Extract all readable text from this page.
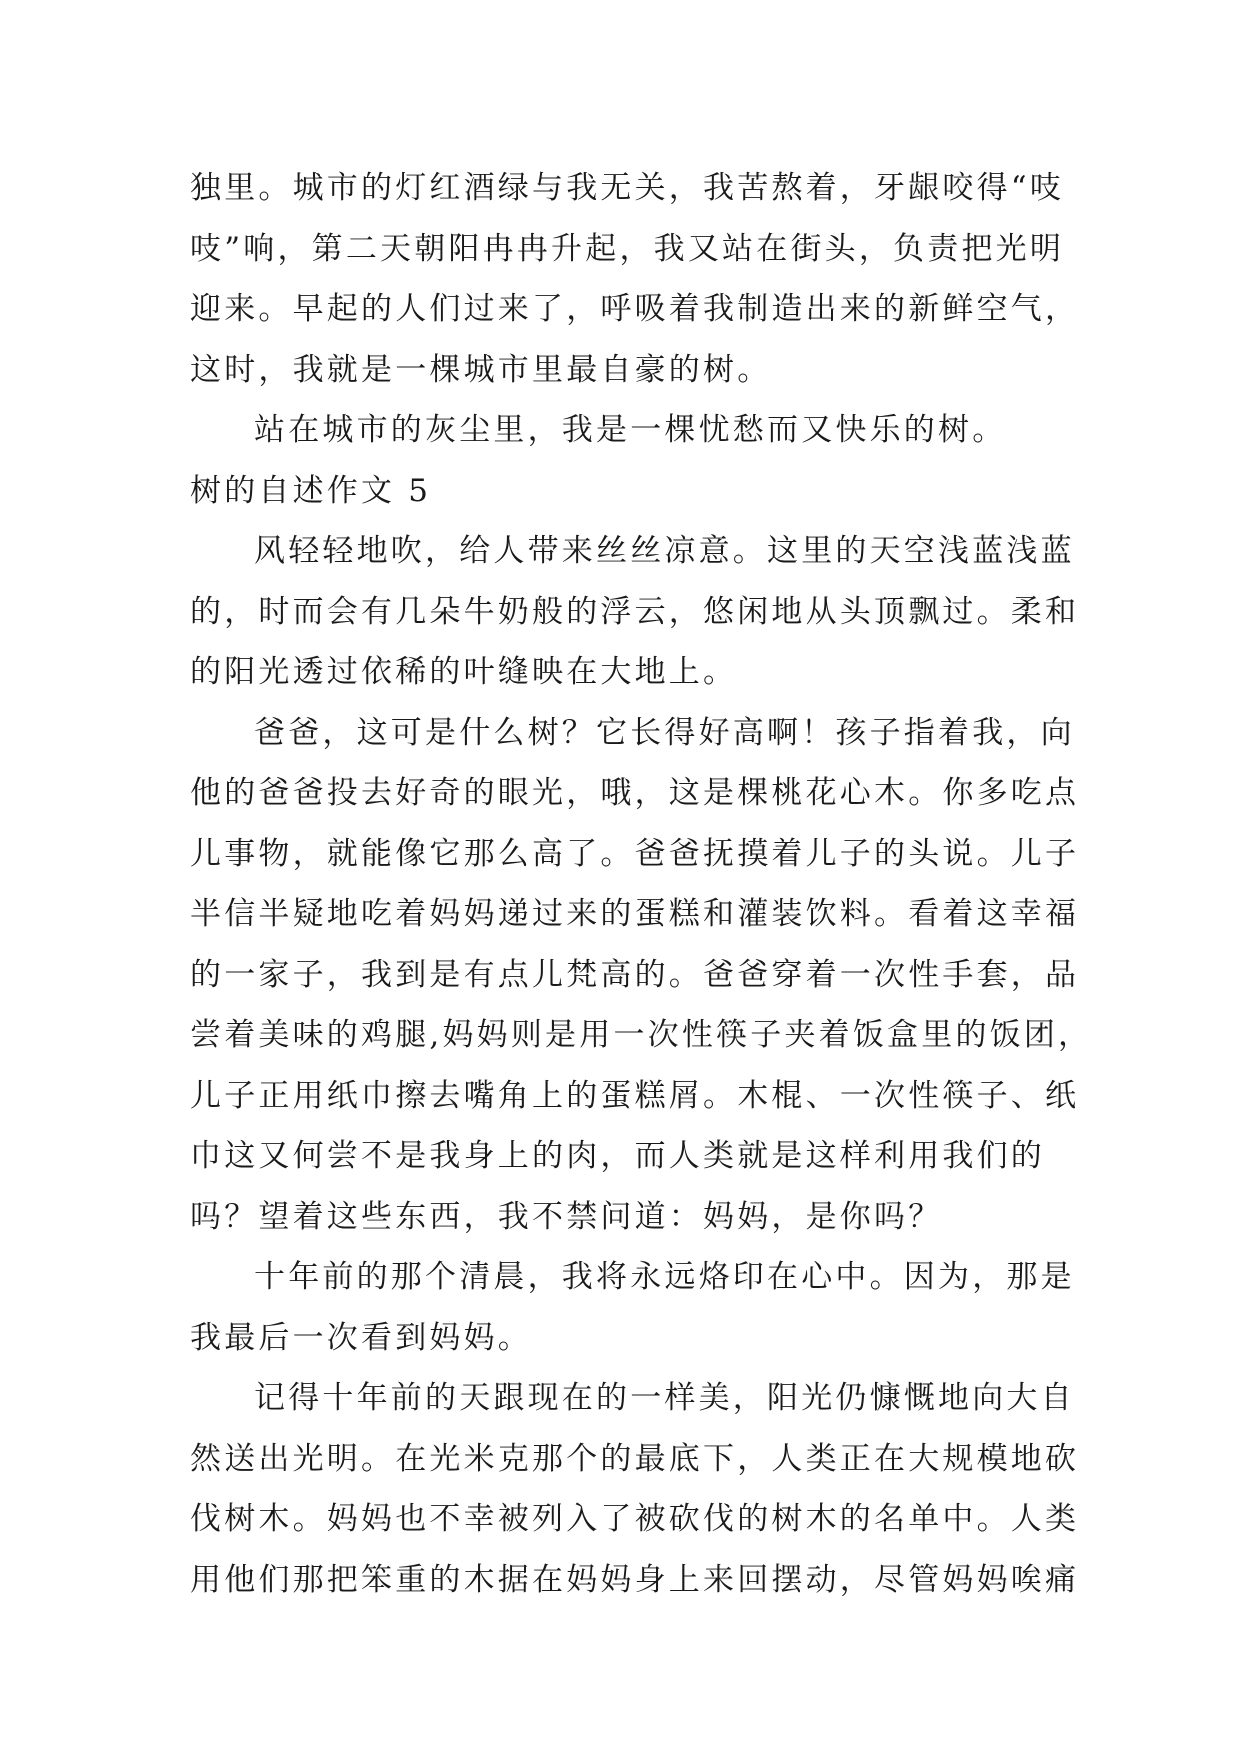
独里。城市的灯红酒绿与我无关，我苦熬着，牙龈咬得“吱
吱”响，第二天朝阳冉冉升起，我又站在街头，负责把光明
迎来。早起的人们过来了，呼吸着我制造出来的新鲜空气，
这时，我就是一棵城市里最自豪的树。
站在城市的灰尘里，我是一棵忧愁而又快乐的树。
树的自述作文 5
风轻轻地吹，给人带来丝丝凉意。这里的天空浅蓝浅蓝
的，时而会有几朵牛奶般的浮云，悠闲地从头顶飘过。柔和
的阳光透过依稀的叶缝映在大地上。
爸爸，这可是什么树？它长得好高啊！孩子指着我，向
他的爸爸投去好奇的眼光，哦，这是棵桃花心木。你多吃点
儿事物，就能像它那么高了。爸爸抚摸着儿子的头说。儿子
半信半疑地吃着妈妈递过来的蛋糕和灌装饮料。看着这幸福
的一家子，我到是有点儿梵高的。爸爸穿着一次性手套，品
尝着美味的鸡腿,妈妈则是用一次性筷子夹着饭盒里的饭团，
儿子正用纸巾擦去嘴角上的蛋糕屑。木棍、一次性筷子、纸
巾这又何尝不是我身上的肉，而人类就是这样利用我们的
吗？望着这些东西，我不禁问道：妈妈，是你吗？
十年前的那个清晨，我将永远烙印在心中。因为，那是
我最后一次看到妈妈。
记得十年前的天跟现在的一样美，阳光仍慷慨地向大自
然送出光明。在光米克那个的最底下，人类正在大规模地砍
伐树木。妈妈也不幸被列入了被砍伐的树木的名单中。人类
用他们那把笨重的木据在妈妈身上来回摆动，尽管妈妈唉痛
